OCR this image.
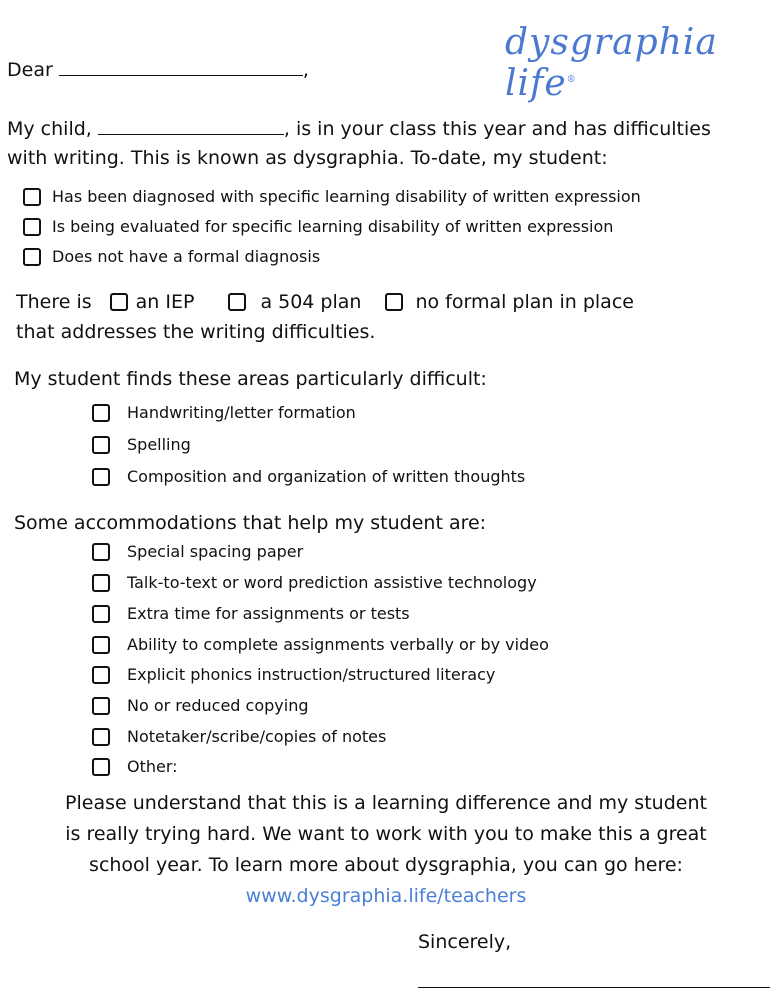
dysgraphia life®
Dear	,
My child,	, is in your class this year and has difficulties
with writing. This is known as dysgraphia. To-date, my student:
Has been diagnosed with specific learning disability of written expression
Is being evaluated for specific learning disability of written expression
Does not have a formal diagnosis
There is an IEP	a 504 plan	no formal plan in place
that addresses the writing difficulties.
My student finds these areas particularly difficult:
Handwriting/letter formation
Spelling
Composition and organization of written thoughts
Some accommodations that help my student are:
Special spacing paper
Talk-to-text or word prediction assistive technology
Extra time for assignments or tests
Ability to complete assignments verbally or by video
Explicit phonics instruction/structured literacy
No or reduced copying
Notetaker/scribe/copies of notes
Other:
Please understand that this is a learning difference and my student
is really trying hard. We want to work with you to make this a great
school year. To learn more about dysgraphia, you can go here:
www.dysgraphia.life/teachers
Sincerely,
